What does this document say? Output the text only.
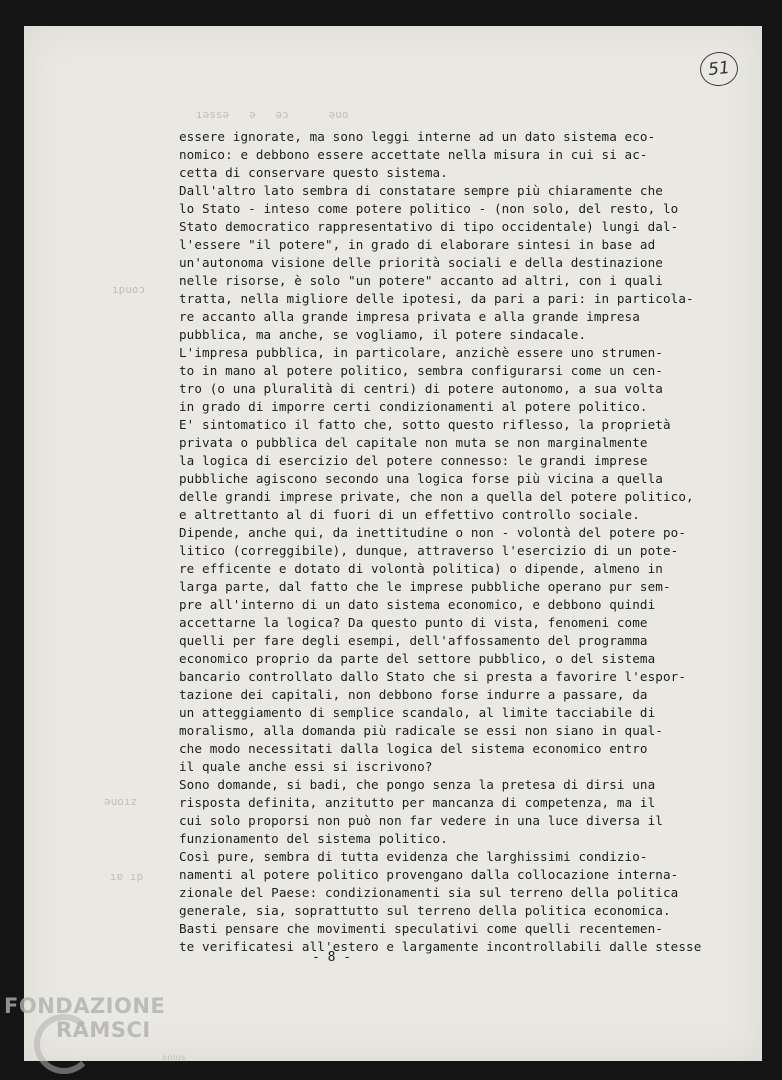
ıǝssǝ   ǝ   ǝɔ      ǝuo
ıpuoɔ
ǝuoız
ıɐ ıp
51
essere ignorate, ma sono leggi interne ad un dato sistema eco-
nomico: e debbono essere accettate nella misura in cui si ac-
cetta di conservare questo sistema.
Dall'altro lato sembra di constatare sempre più chiaramente che
lo Stato - inteso come potere politico - (non solo, del resto, lo
Stato democratico rappresentativo di tipo occidentale) lungi dal-
l'essere "il potere", in grado di elaborare sintesi in base ad
un'autonoma visione delle priorità sociali e della destinazione
nelle risorse, è solo "un potere" accanto ad altri, con i quali
tratta, nella migliore delle ipotesi, da pari a pari: in particola-
re accanto alla grande impresa privata e alla grande impresa
pubblica, ma anche, se vogliamo, il potere sindacale.
L'impresa pubblica, in particolare, anzichè essere uno strumen-
to in mano al potere politico, sembra configurarsi come un cen-
tro (o una pluralità di centri) di potere autonomo, a sua volta
in grado di imporre certi condizionamenti al potere politico.
E' sintomatico il fatto che, sotto questo riflesso, la proprietà
privata o pubblica del capitale non muta se non marginalmente
la logica di esercizio del potere connesso: le grandi imprese
pubbliche agiscono secondo una logica forse più vicina a quella
delle grandi imprese private, che non a quella del potere politico,
e altrettanto al di fuori di un effettivo controllo sociale.
Dipende, anche qui, da inettitudine o non - volontà del potere po-
litico (correggibile), dunque, attraverso l'esercizio di un pote-
re efficente e dotato di volontà politica) o dipende, almeno in
larga parte, dal fatto che le imprese pubbliche operano pur sem-
pre all'interno di un dato sistema economico, e debbono quindi
accettarne la logica? Da questo punto di vista, fenomeni come
quelli per fare degli esempi, dell'affossamento del programma
economico proprio da parte del settore pubblico, o del sistema
bancario controllato dallo Stato che si presta a favorire l'espor-
tazione dei capitali, non debbono forse indurre a passare, da
un atteggiamento di semplice scandalo, al limite tacciabile di
moralismo, alla domanda più radicale se essi non siano in qual-
che modo necessitati dalla logica del sistema economico entro
il quale anche essi si iscrivono?
Sono domande, si badi, che pongo senza la pretesa di dirsi una
risposta definita, anzitutto per mancanza di competenza, ma il
cui solo proporsi non può non far vedere in una luce diversa il
funzionamento del sistema politico.
Così pure, sembra di tutta evidenza che larghissimi condizio-
namenti al potere politico provengano dalla collocazione interna-
zionale del Paese: condizionamenti sia sul terreno della politica
generale, sia, soprattutto sul terreno della politica economica.
Basti pensare che movimenti speculativi come quelli recentemen-
te verificatesi all'estero e largamente incontrollabili dalle stesse
- 8 -
FONDAZIONE
RAMSCI
onlus
